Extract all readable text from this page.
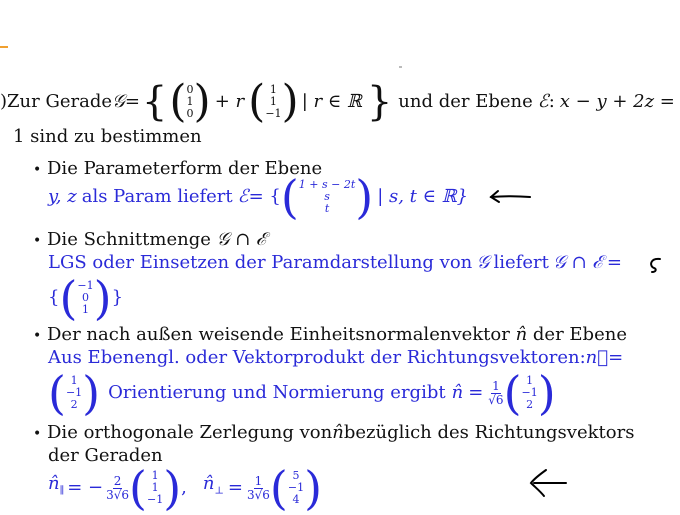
)Zur Gerade 𝒢 = { ( 0
1
0 ) + r ( 1
1
−1 ) | r ∈ ℝ } und der Ebene ℰ : x − y + 2z =
1 sind zu bestimmen
• Die Parameterform der Ebene
y, z als Param liefert ℰ = { ( 1 + s − 2t
s
t ) | s, t ∈ ℝ}
• Die Schnittmenge 𝒢 ∩ ℰ
LGS oder Einsetzen der Paramdarstellung von 𝒢 liefert 𝒢 ∩ ℰ =
{ ( −1
0
1 ) }
• Der nach außen weisende Einheitsnormalenvektor n̂ der Ebene
Aus Ebenengl. oder Vektorprodukt der Richtungsvektoren: n⃗ =
( 1
−1
2 ) Orientierung und Normierung ergibt n̂ = $\frac{1}{√6}$ ( 1
−1
2 )
• Die orthogonale Zerlegung von n̂ bezüglich des Richtungsvektors
der Geraden
$n̂_\parallel$ = − $\frac{2}{3√6}$ ( 1
1
−1 ) , $n̂_\perp = \frac{1}{3√6}$ ( 5
−1
4 )
